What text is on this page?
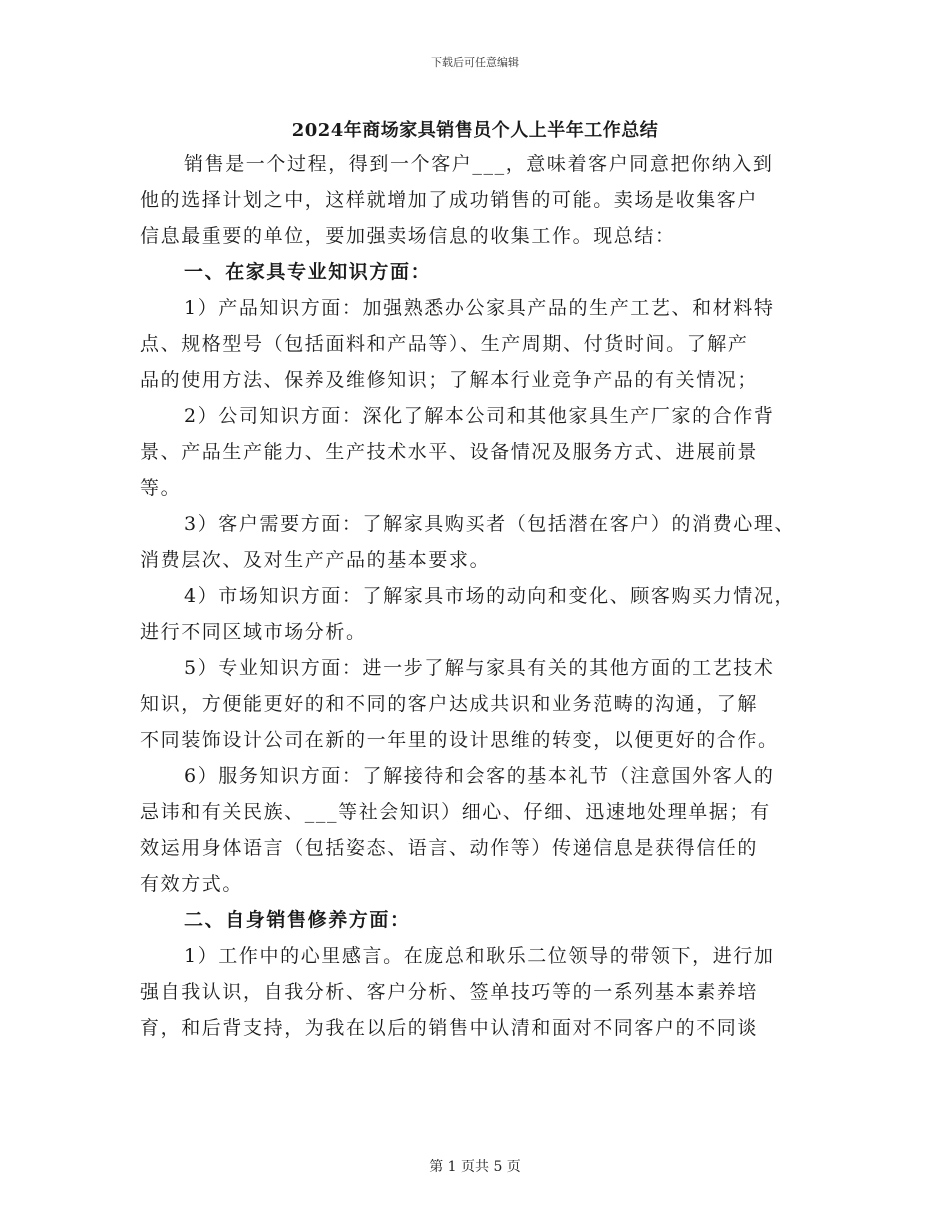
下载后可任意编辑
2024年商场家具销售员个人上半年工作总结
销售是一个过程，得到一个客户___，意味着客户同意把你纳入到
他的选择计划之中，这样就增加了成功销售的可能。卖场是收集客户
信息最重要的单位，要加强卖场信息的收集工作。现总结：
一、在家具专业知识方面：
1）产品知识方面：加强熟悉办公家具产品的生产工艺、和材料特
点、规格型号（包括面料和产品等）、生产周期、付货时间。了解产
品的使用方法、保养及维修知识；了解本行业竞争产品的有关情况；
2）公司知识方面：深化了解本公司和其他家具生产厂家的合作背
景、产品生产能力、生产技术水平、设备情况及服务方式、进展前景
等。
3）客户需要方面：了解家具购买者（包括潜在客户）的消费心理、
消费层次、及对生产产品的基本要求。
4）市场知识方面：了解家具市场的动向和变化、顾客购买力情况，
进行不同区域市场分析。
5）专业知识方面：进一步了解与家具有关的其他方面的工艺技术
知识，方便能更好的和不同的客户达成共识和业务范畴的沟通，了解
不同装饰设计公司在新的一年里的设计思维的转变，以便更好的合作。
6）服务知识方面：了解接待和会客的基本礼节（注意国外客人的
忌讳和有关民族、___等社会知识）细心、仔细、迅速地处理单据；有
效运用身体语言（包括姿态、语言、动作等）传递信息是获得信任的
有效方式。
二、自身销售修养方面：
1）工作中的心里感言。在庞总和耿乐二位领导的带领下，进行加
强自我认识，自我分析、客户分析、签单技巧等的一系列基本素养培
育，和后背支持，为我在以后的销售中认清和面对不同客户的不同谈
第 1 页共 5 页
